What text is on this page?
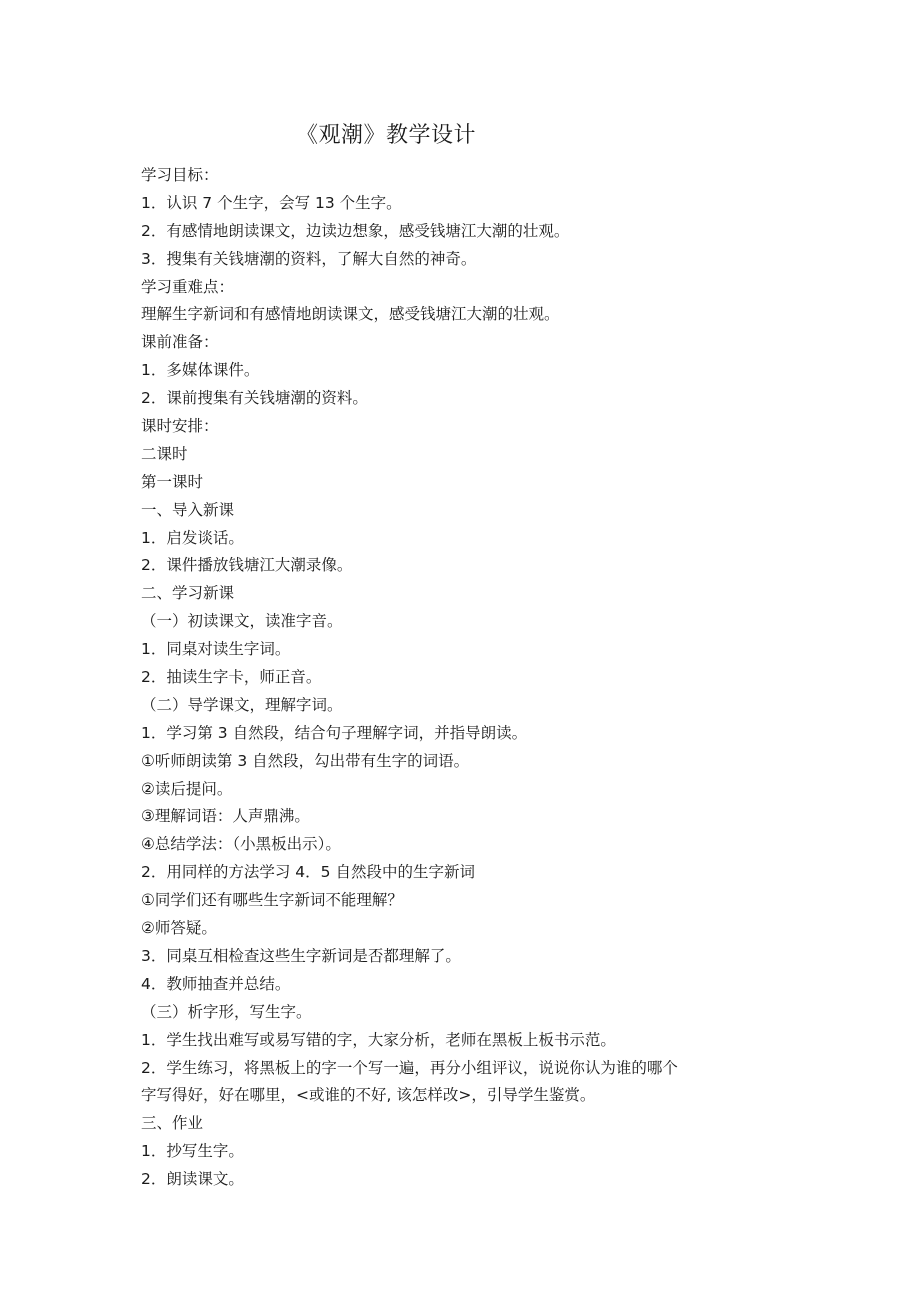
《观潮》教学设计
学习目标：
1．认识 7 个生字，会写 13 个生字。
2．有感情地朗读课文，边读边想象，感受钱塘江大潮的壮观。
3．搜集有关钱塘潮的资料，了解大自然的神奇。
学习重难点：
理解生字新词和有感情地朗读课文，感受钱塘江大潮的壮观。
课前准备：
1．多媒体课件。
2．课前搜集有关钱塘潮的资料。
课时安排：
二课时
第一课时
一、导入新课
1．启发谈话。
2．课件播放钱塘江大潮录像。
二、学习新课
（一）初读课文，读准字音。
1．同桌对读生字词。
2．抽读生字卡，师正音。
（二）导学课文，理解字词。
1．学习第 3 自然段，结合句子理解字词，并指导朗读。
①听师朗读第 3 自然段，勾出带有生字的词语。
②读后提问。
③理解词语：人声鼎沸。
④总结学法：（小黑板出示）。
2．用同样的方法学习 4．5 自然段中的生字新词
①同学们还有哪些生字新词不能理解？
②师答疑。
3．同桌互相检查这些生字新词是否都理解了。
4．教师抽查并总结。
（三）析字形，写生字。
1．学生找出难写或易写错的字，大家分析，老师在黑板上板书示范。
2．学生练习，将黑板上的字一个写一遍，再分小组评议，说说你认为谁的哪个
字写得好，好在哪里，<或谁的不好, 该怎样改>，引导学生鉴赏。
三、作业
1．抄写生字。
2．朗读课文。
